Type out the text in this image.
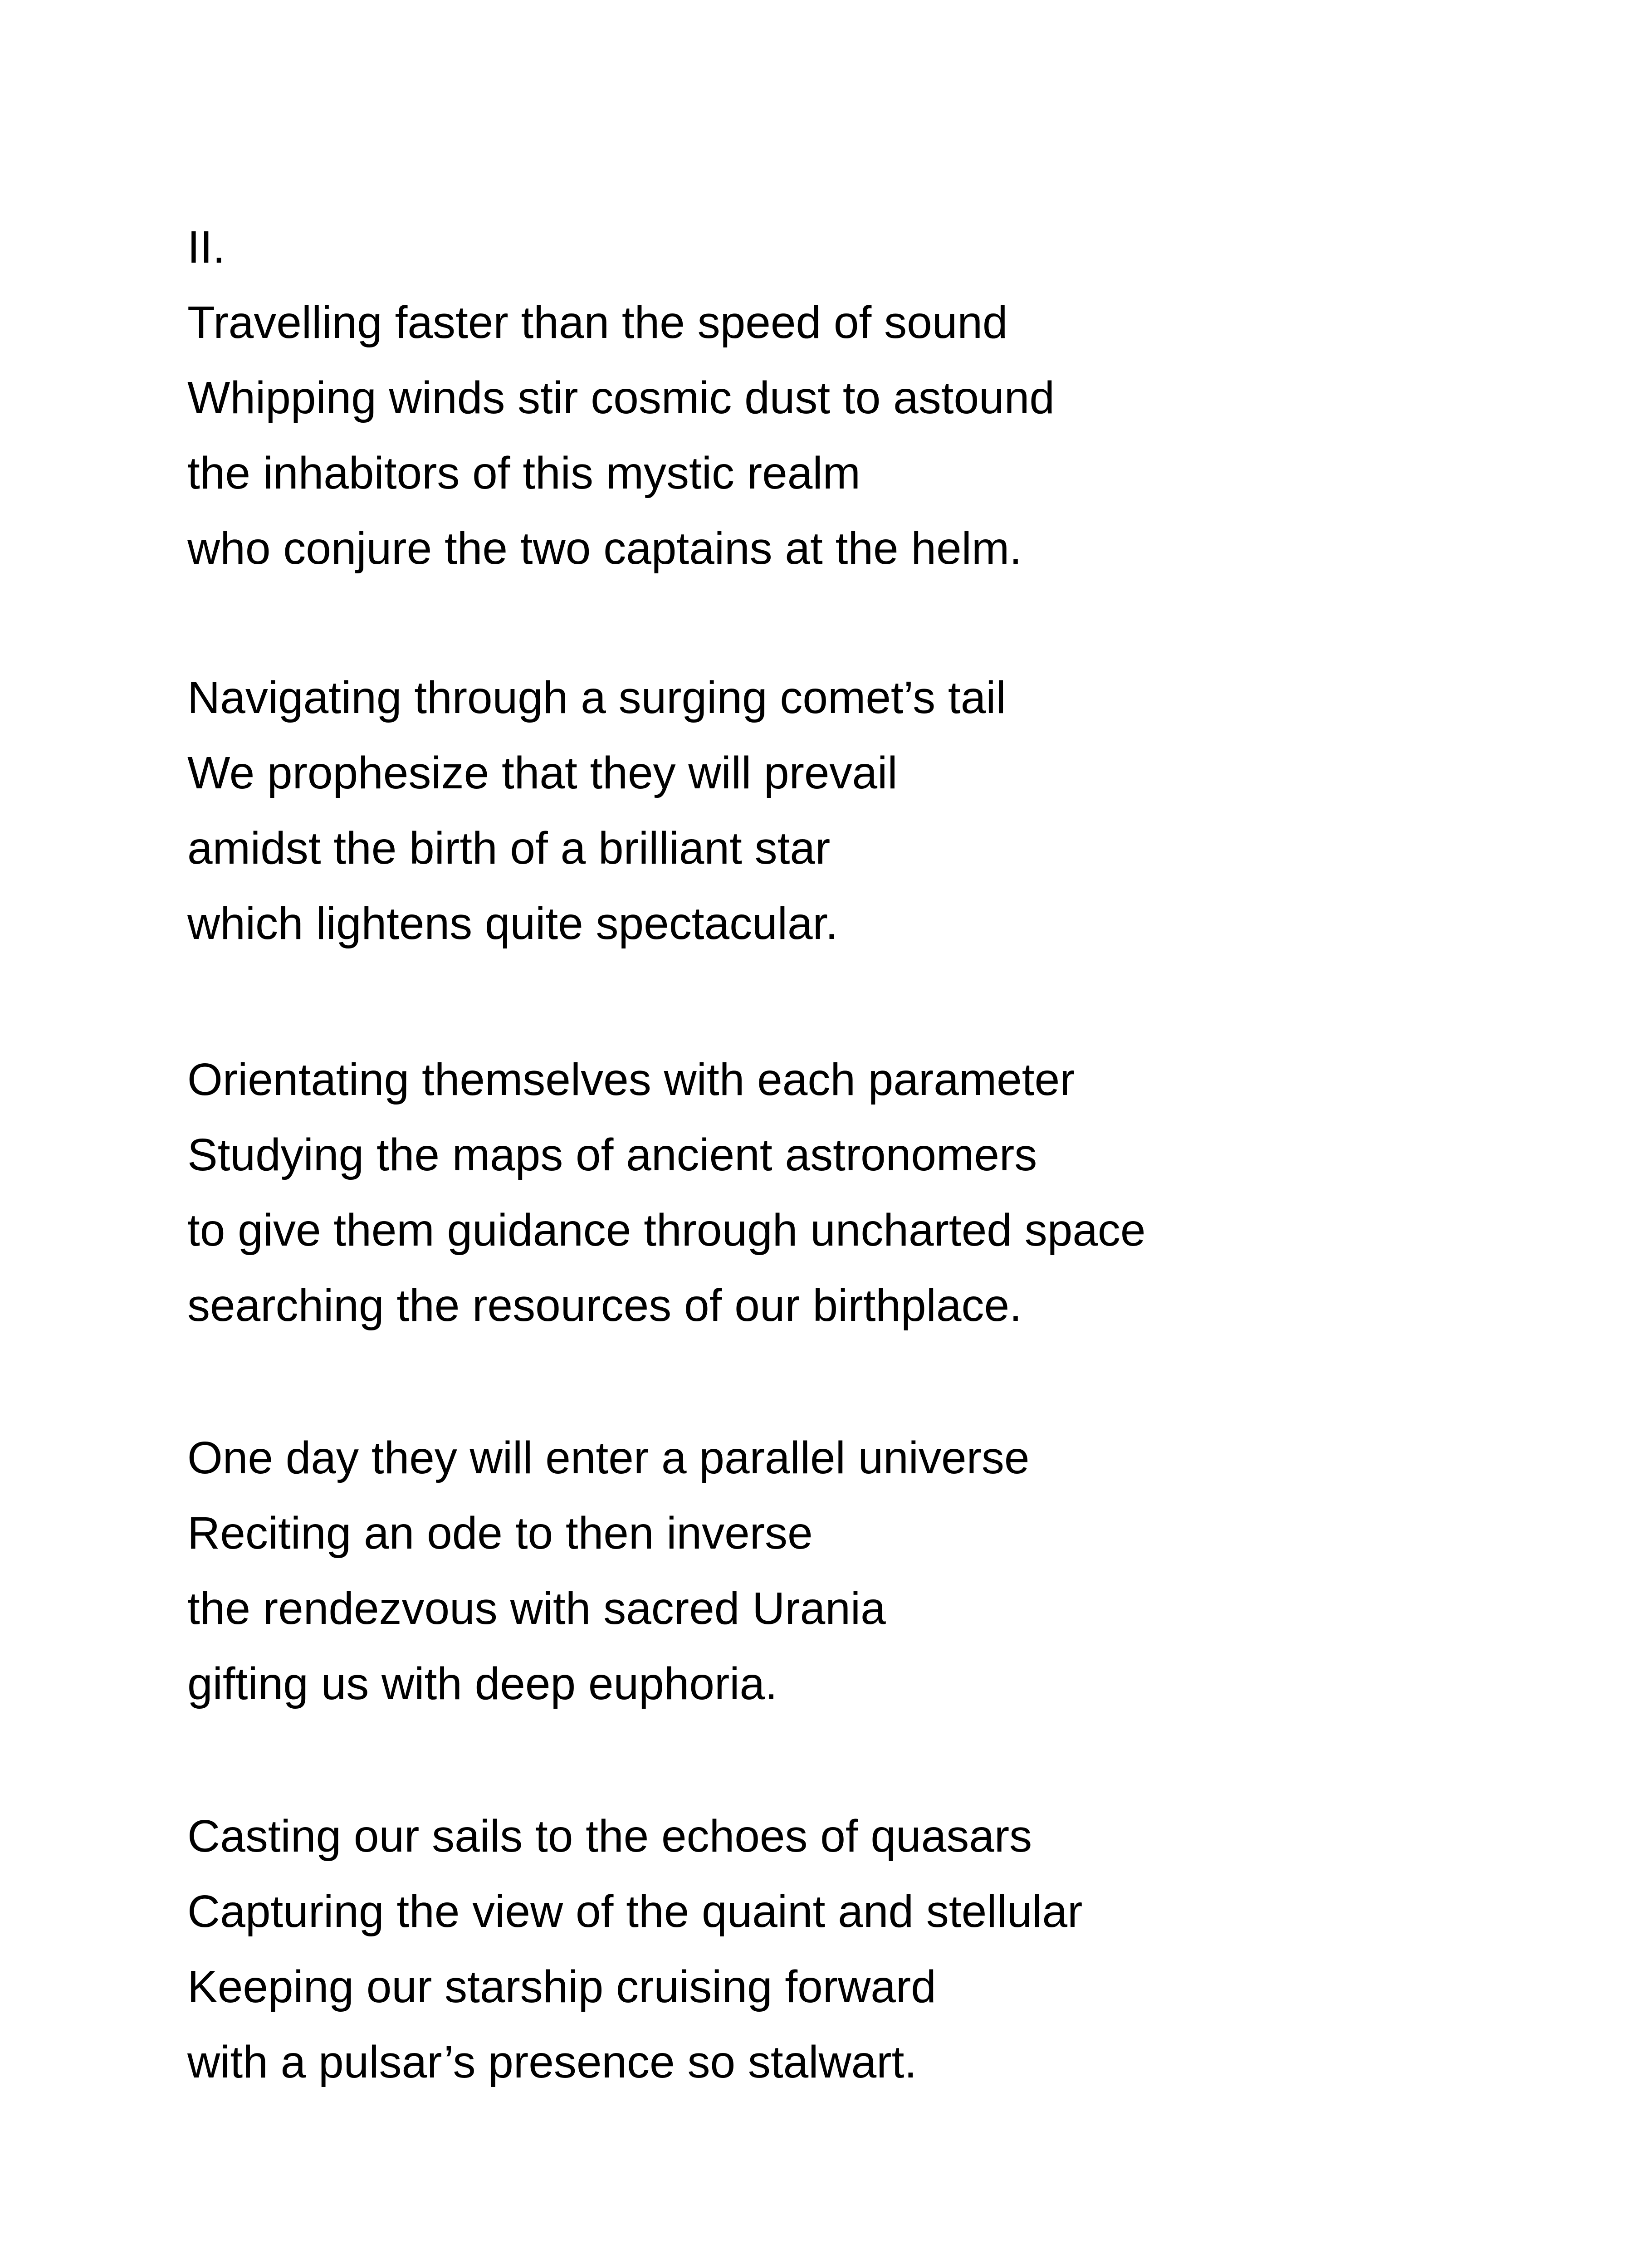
II.
Travelling faster than the speed of sound
Whipping winds stir cosmic dust to astound
the inhabitors of this mystic realm
who conjure the two captains at the helm.
Navigating through a surging comet’s tail
We prophesize that they will prevail
amidst the birth of a brilliant star
which lightens quite spectacular.
Orientating themselves with each parameter
Studying the maps of ancient astronomers
to give them guidance through uncharted space
searching the resources of our birthplace.
One day they will enter a parallel universe
Reciting an ode to then inverse
the rendezvous with sacred Urania
gifting us with deep euphoria.
Casting our sails to the echoes of quasars
Capturing the view of the quaint and stellular
Keeping our starship cruising forward
with a pulsar’s presence so stalwart.
